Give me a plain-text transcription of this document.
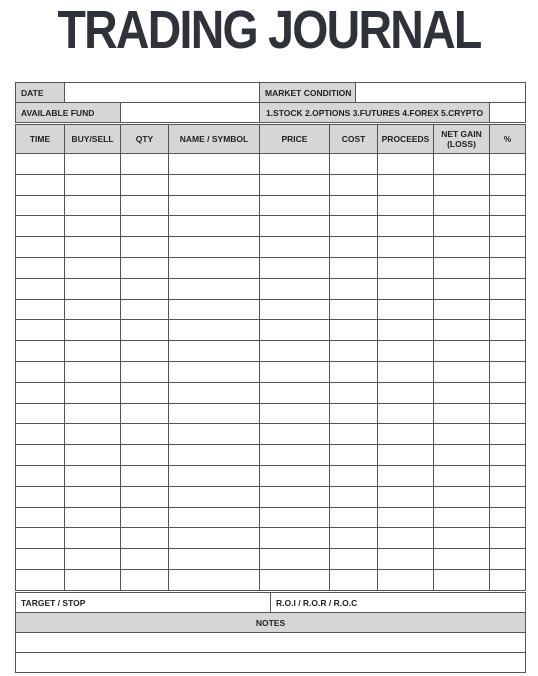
TRADING JOURNAL
DATE			MARKET CONDITION		
AVAILABLE FUND			1.STOCK 2.OPTIONS 3.FUTURES 4.FOREX 5.CRYPTO		
TIME	BUY/SELL	QTY	NAME / SYMBOL	PRICE	COST	PROCEEDS	NET GAIN (LOSS)	%

TARGET / STOP	R.O.I / R.O.R / R.O.C
NOTES
